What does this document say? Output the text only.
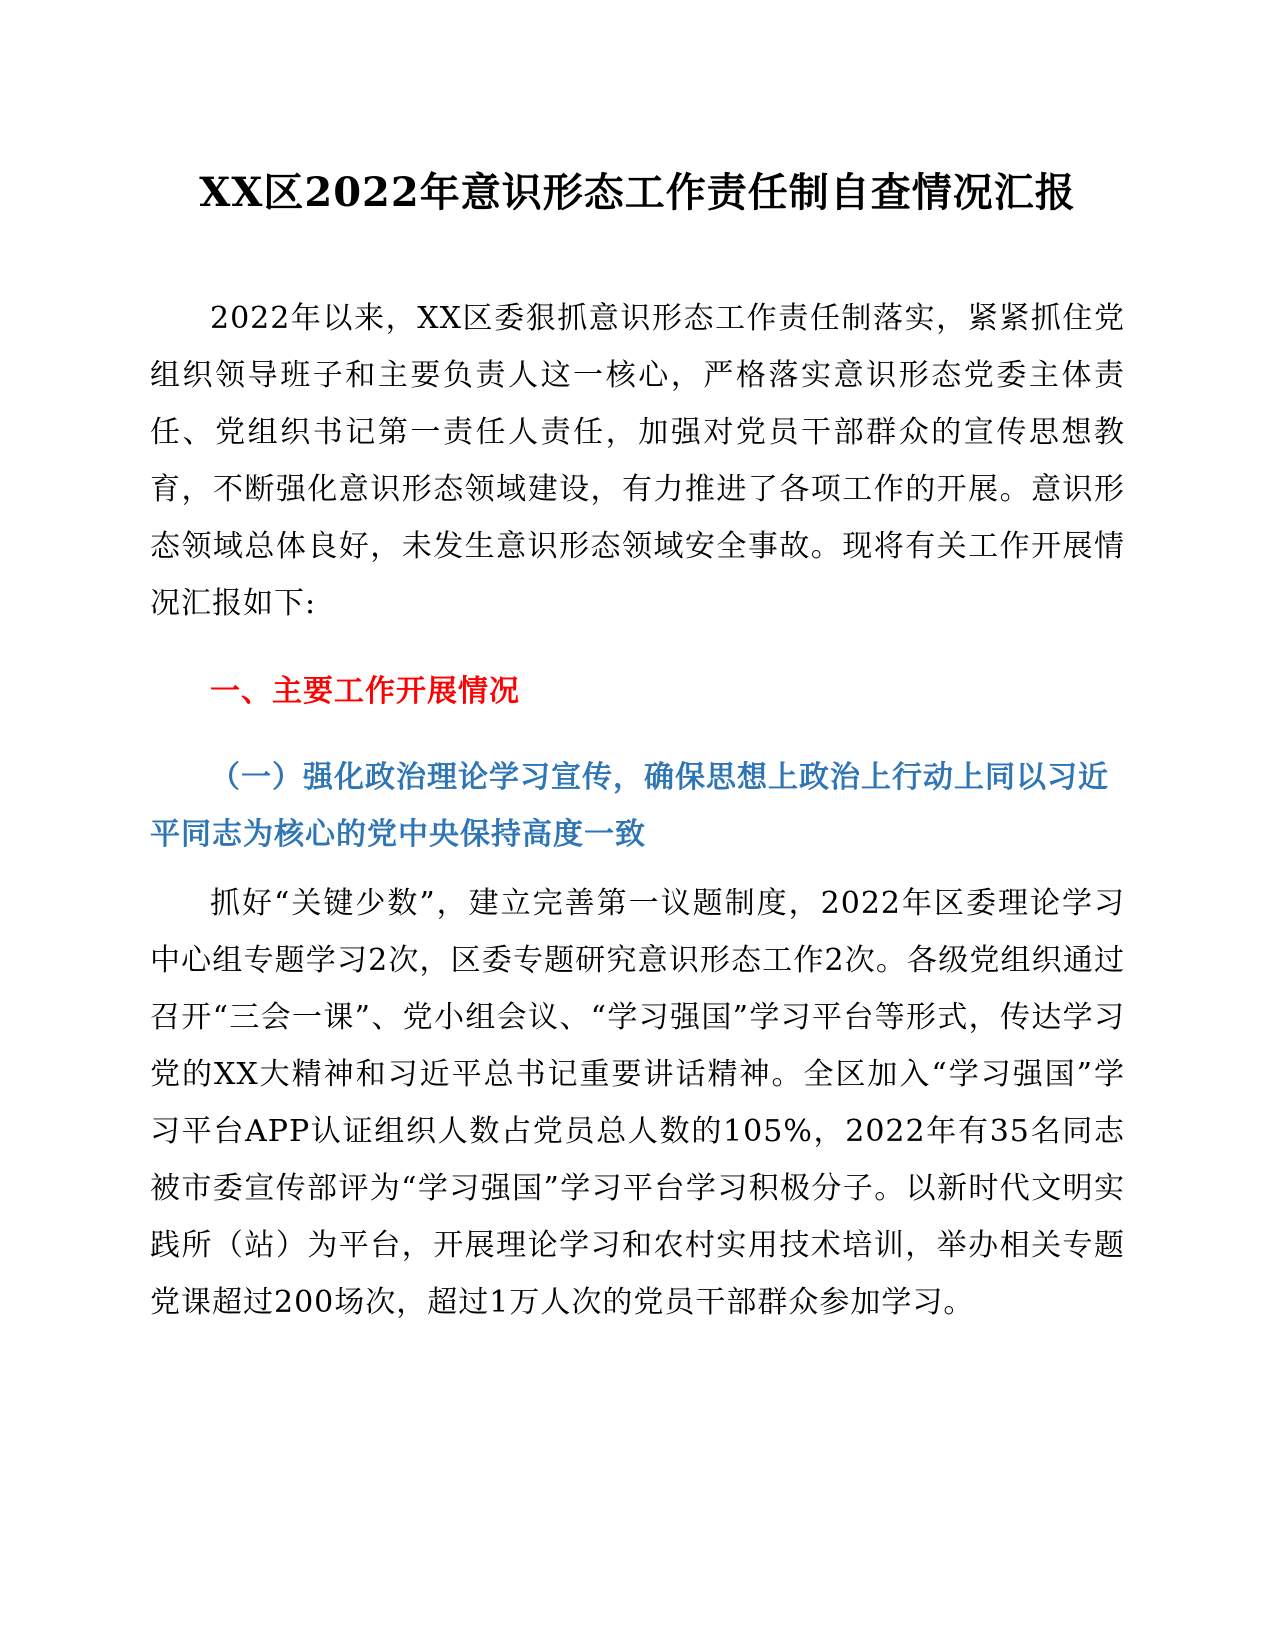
XX区2022年意识形态工作责任制自查情况汇报

2022年以来，XX区委狠抓意识形态工作责任制落实，紧紧抓住党组织领导班子和主要负责人这一核心，严格落实意识形态党委主体责任、党组织书记第一责任人责任，加强对党员干部群众的宣传思想教育，不断强化意识形态领域建设，有力推进了各项工作的开展。意识形态领域总体良好，未发生意识形态领域安全事故。现将有关工作开展情况汇报如下:

一、主要工作开展情况
（一）强化政治理论学习宣传，确保思想上政治上行动上同以习近平同志为核心的党中央保持高度一致

抓好“关键少数”，建立完善第一议题制度，2022年区委理论学习中心组专题学习2次，区委专题研究意识形态工作2次。各级党组织通过召开“三会一课”、党小组会议、“学习强国”学习平台等形式，传达学习党的XX大精神和习近平总书记重要讲话精神。全区加入“学习强国”学习平台APP认证组织人数占党员总人数的105%，2022年有35名同志被市委宣传部评为“学习强国”学习平台学习积极分子。以新时代文明实践所（站）为平台，开展理论学习和农村实用技术培训，举办相关专题党课超过200场次，超过1万人次的党员干部群众参加学习。
